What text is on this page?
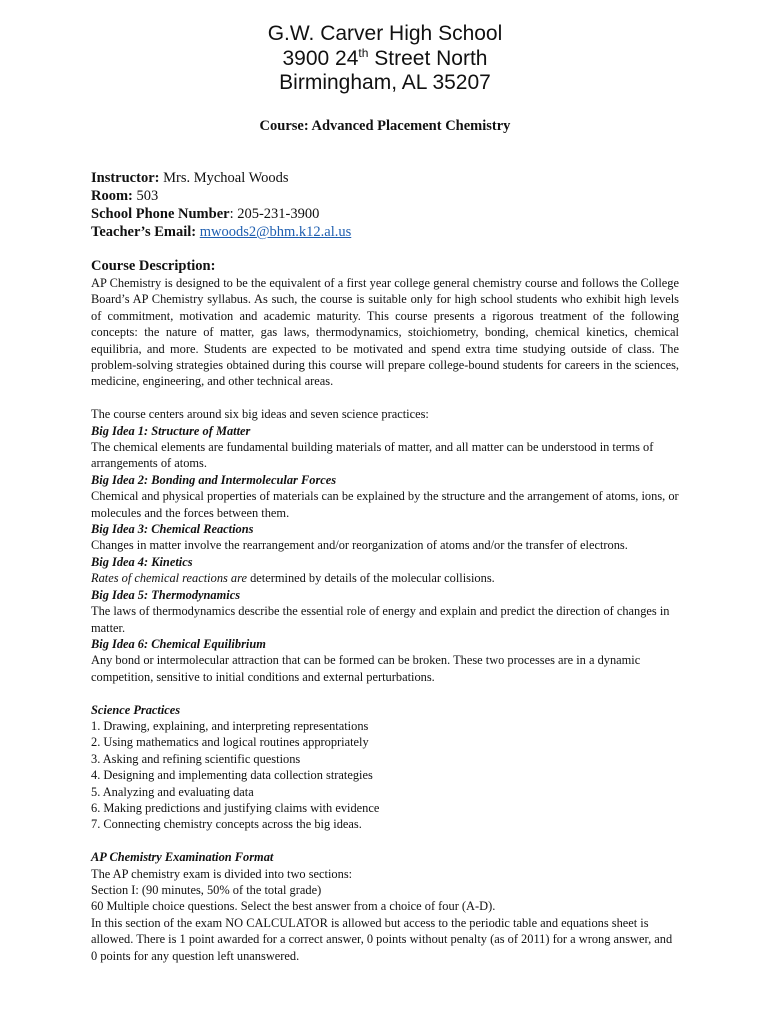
G.W. Carver High School
3900 24th Street North
Birmingham, AL 35207
Course: Advanced Placement Chemistry
Instructor: Mrs. Mychoal Woods
Room: 503
School Phone Number: 205-231-3900
Teacher’s Email: mwoods2@bhm.k12.al.us
Course Description:
AP Chemistry is designed to be the equivalent of a first year college general chemistry course and follows the College Board’s AP Chemistry syllabus. As such, the course is suitable only for high school students who exhibit high levels of commitment, motivation and academic maturity. This course presents a rigorous treatment of the following concepts: the nature of matter, gas laws, thermodynamics, stoichiometry, bonding, chemical kinetics, chemical equilibria, and more. Students are expected to be motivated and spend extra time studying outside of class. The problem-solving strategies obtained during this course will prepare college-bound students for careers in the sciences, medicine, engineering, and other technical areas.
The course centers around six big ideas and seven science practices:
Big Idea 1: Structure of Matter
The chemical elements are fundamental building materials of matter, and all matter can be understood in terms of arrangements of atoms.
Big Idea 2: Bonding and Intermolecular Forces
Chemical and physical properties of materials can be explained by the structure and the arrangement of atoms, ions, or molecules and the forces between them.
Big Idea 3: Chemical Reactions
Changes in matter involve the rearrangement and/or reorganization of atoms and/or the transfer of electrons.
Big Idea 4: Kinetics
Rates of chemical reactions are determined by details of the molecular collisions.
Big Idea 5: Thermodynamics
The laws of thermodynamics describe the essential role of energy and explain and predict the direction of changes in matter.
Big Idea 6: Chemical Equilibrium
Any bond or intermolecular attraction that can be formed can be broken. These two processes are in a dynamic competition, sensitive to initial conditions and external perturbations.
Science Practices
1. Drawing, explaining, and interpreting representations
2. Using mathematics and logical routines appropriately
3. Asking and refining scientific questions
4. Designing and implementing data collection strategies
5. Analyzing and evaluating data
6. Making predictions and justifying claims with evidence
7. Connecting chemistry concepts across the big ideas.
AP Chemistry Examination Format
The AP chemistry exam is divided into two sections:
Section I: (90 minutes, 50% of the total grade)
60 Multiple choice questions. Select the best answer from a choice of four (A-D).
In this section of the exam NO CALCULATOR is allowed but access to the periodic table and equations sheet is allowed. There is 1 point awarded for a correct answer, 0 points without penalty (as of 2011) for a wrong answer, and 0 points for any question left unanswered.
